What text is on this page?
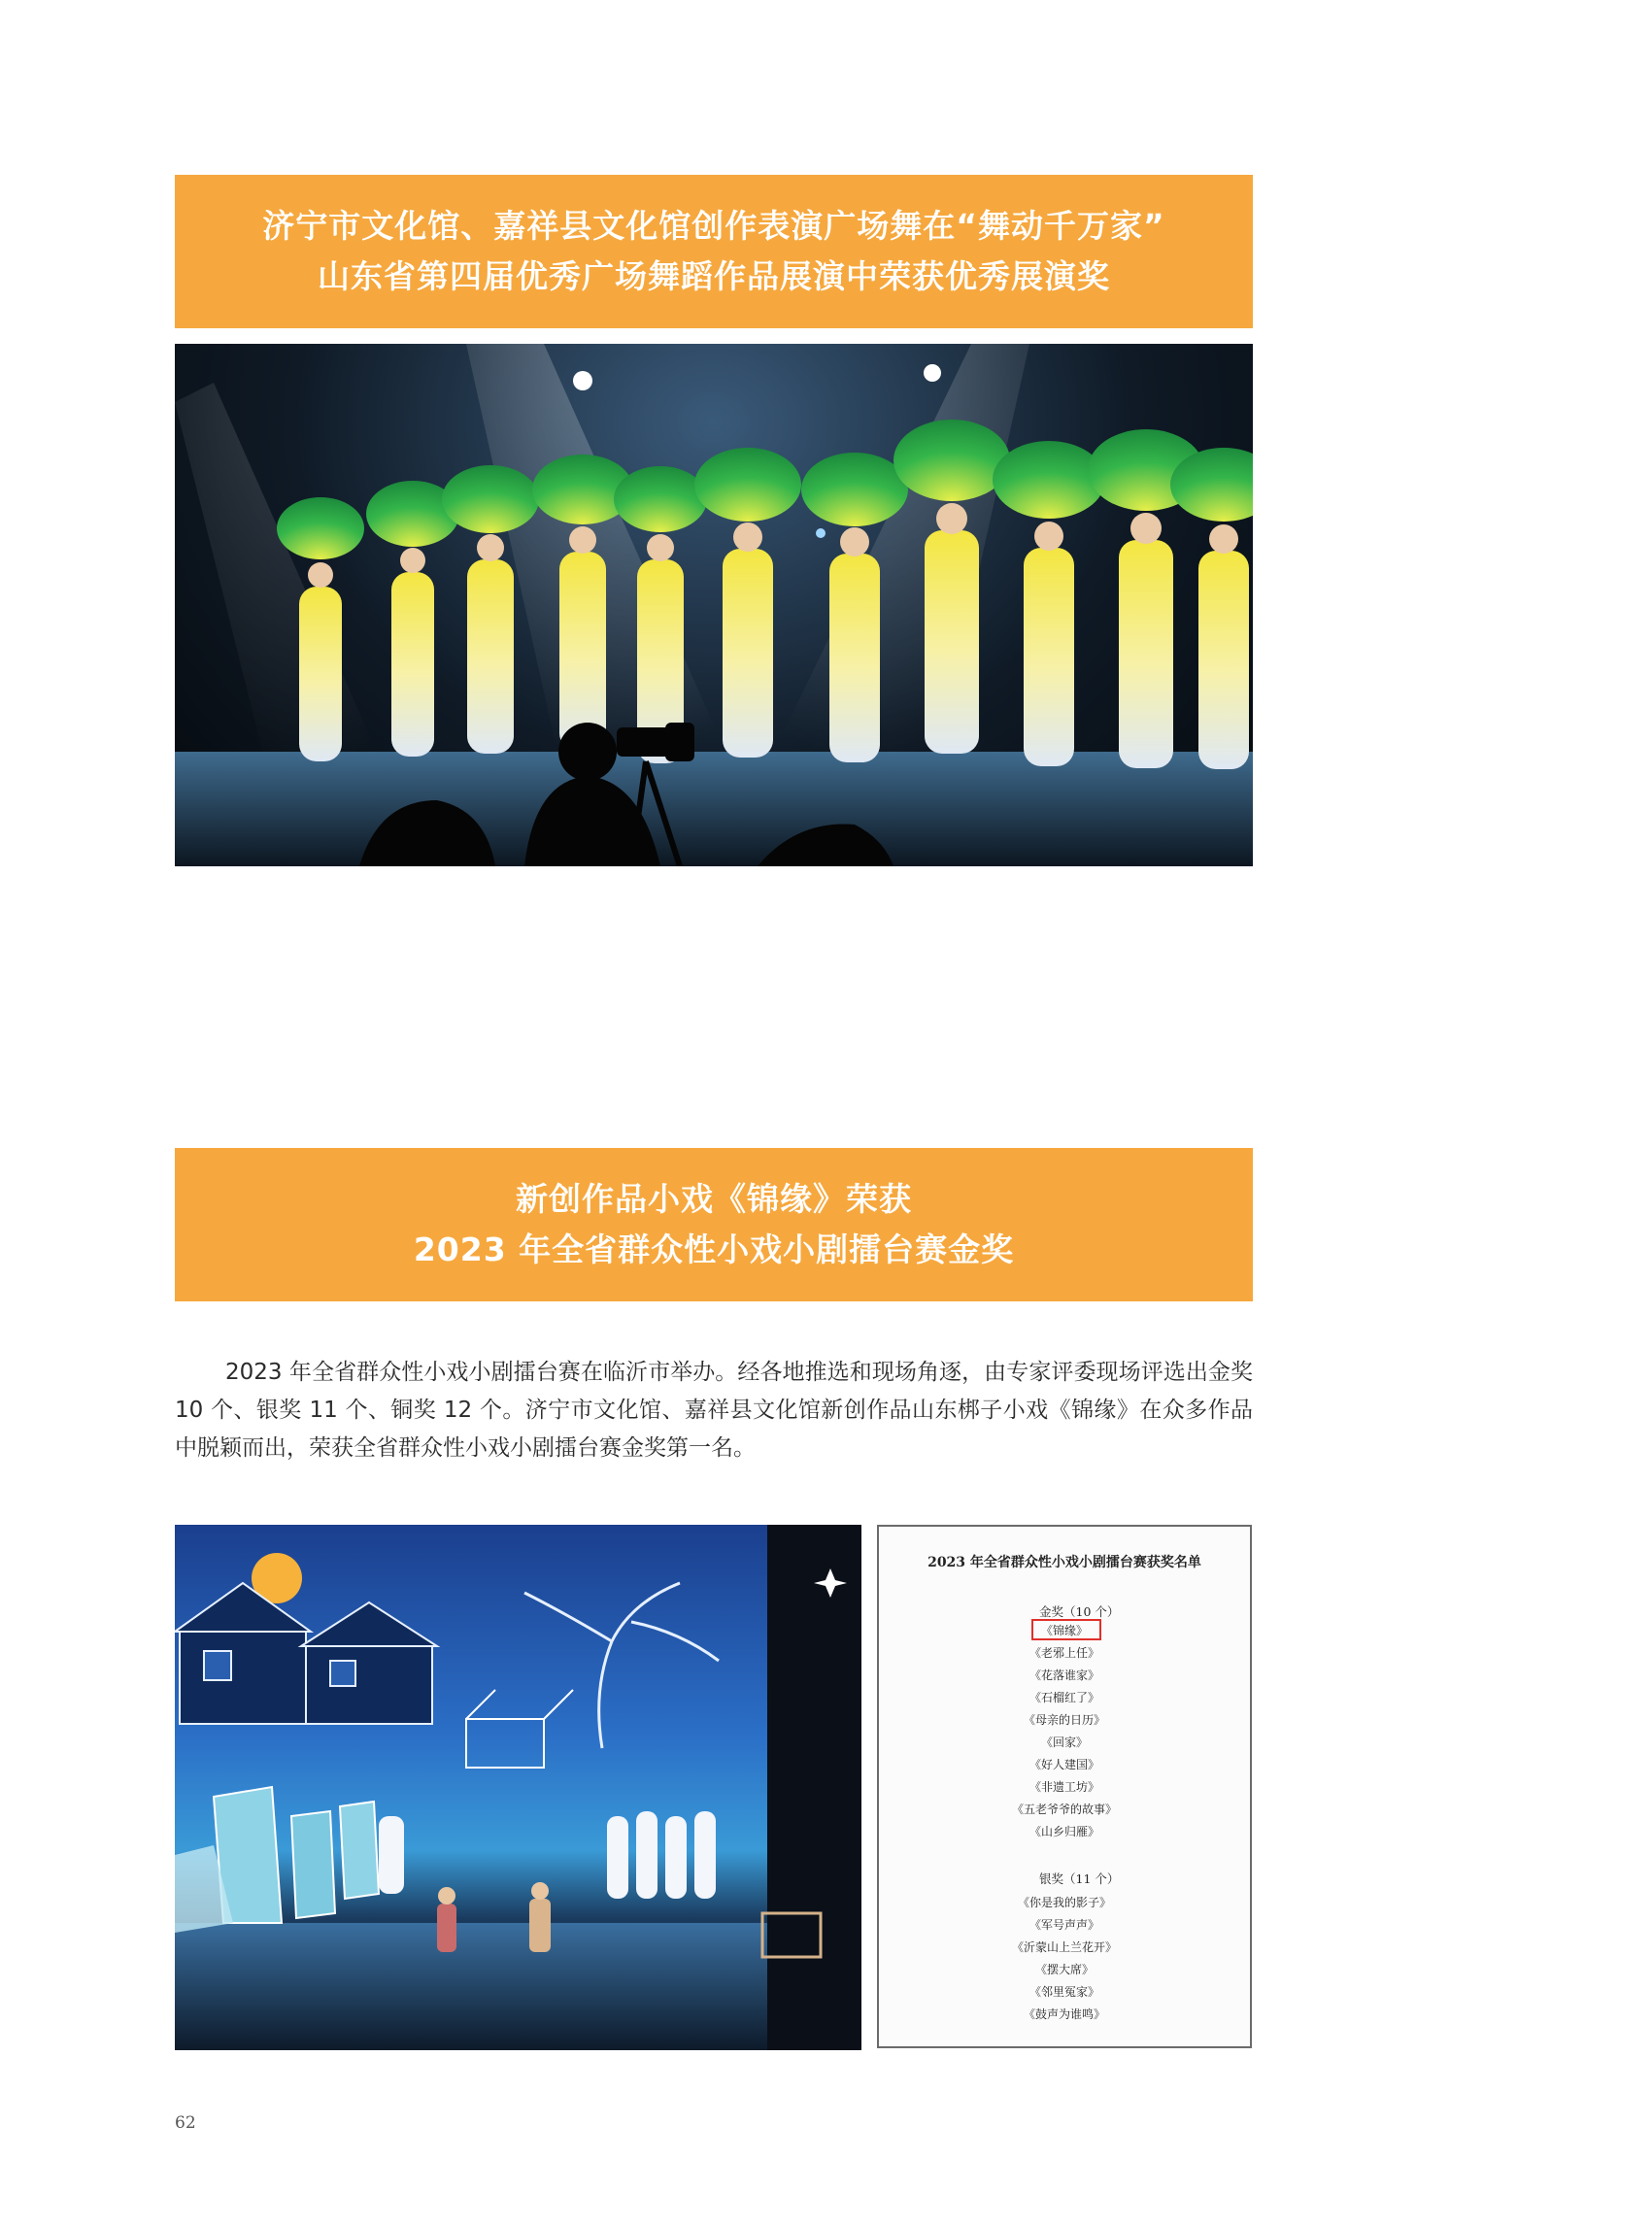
济宁市文化馆、嘉祥县文化馆创作表演广场舞在“舞动千万家”
山东省第四届优秀广场舞蹈作品展演中荣获优秀展演奖
新创作品小戏《锦缘》荣获
2023 年全省群众性小戏小剧擂台赛金奖

2023 年全省群众性小戏小剧擂台赛在临沂市举办。经各地推选和现场角逐，由专家评委现场评选出金奖 10 个、银奖 11 个、铜奖 12 个。济宁市文化馆、嘉祥县文化馆新创作品山东梆子小戏《锦缘》在众多作品中脱颖而出，荣获全省群众性小戏小剧擂台赛金奖第一名。

2023 年全省群众性小戏小剧擂台赛获奖名单
金奖（10 个）
《锦缘》
《老邪上任》
《花落谁家》
《石榴红了》
《母亲的日历》
《回家》
《好人建国》
《非遗工坊》
《五老爷爷的故事》
《山乡归雁》
银奖（11 个）
《你是我的影子》
《军号声声》
《沂蒙山上兰花开》
《摆大席》
《邻里冤家》
《鼓声为谁鸣》
62
